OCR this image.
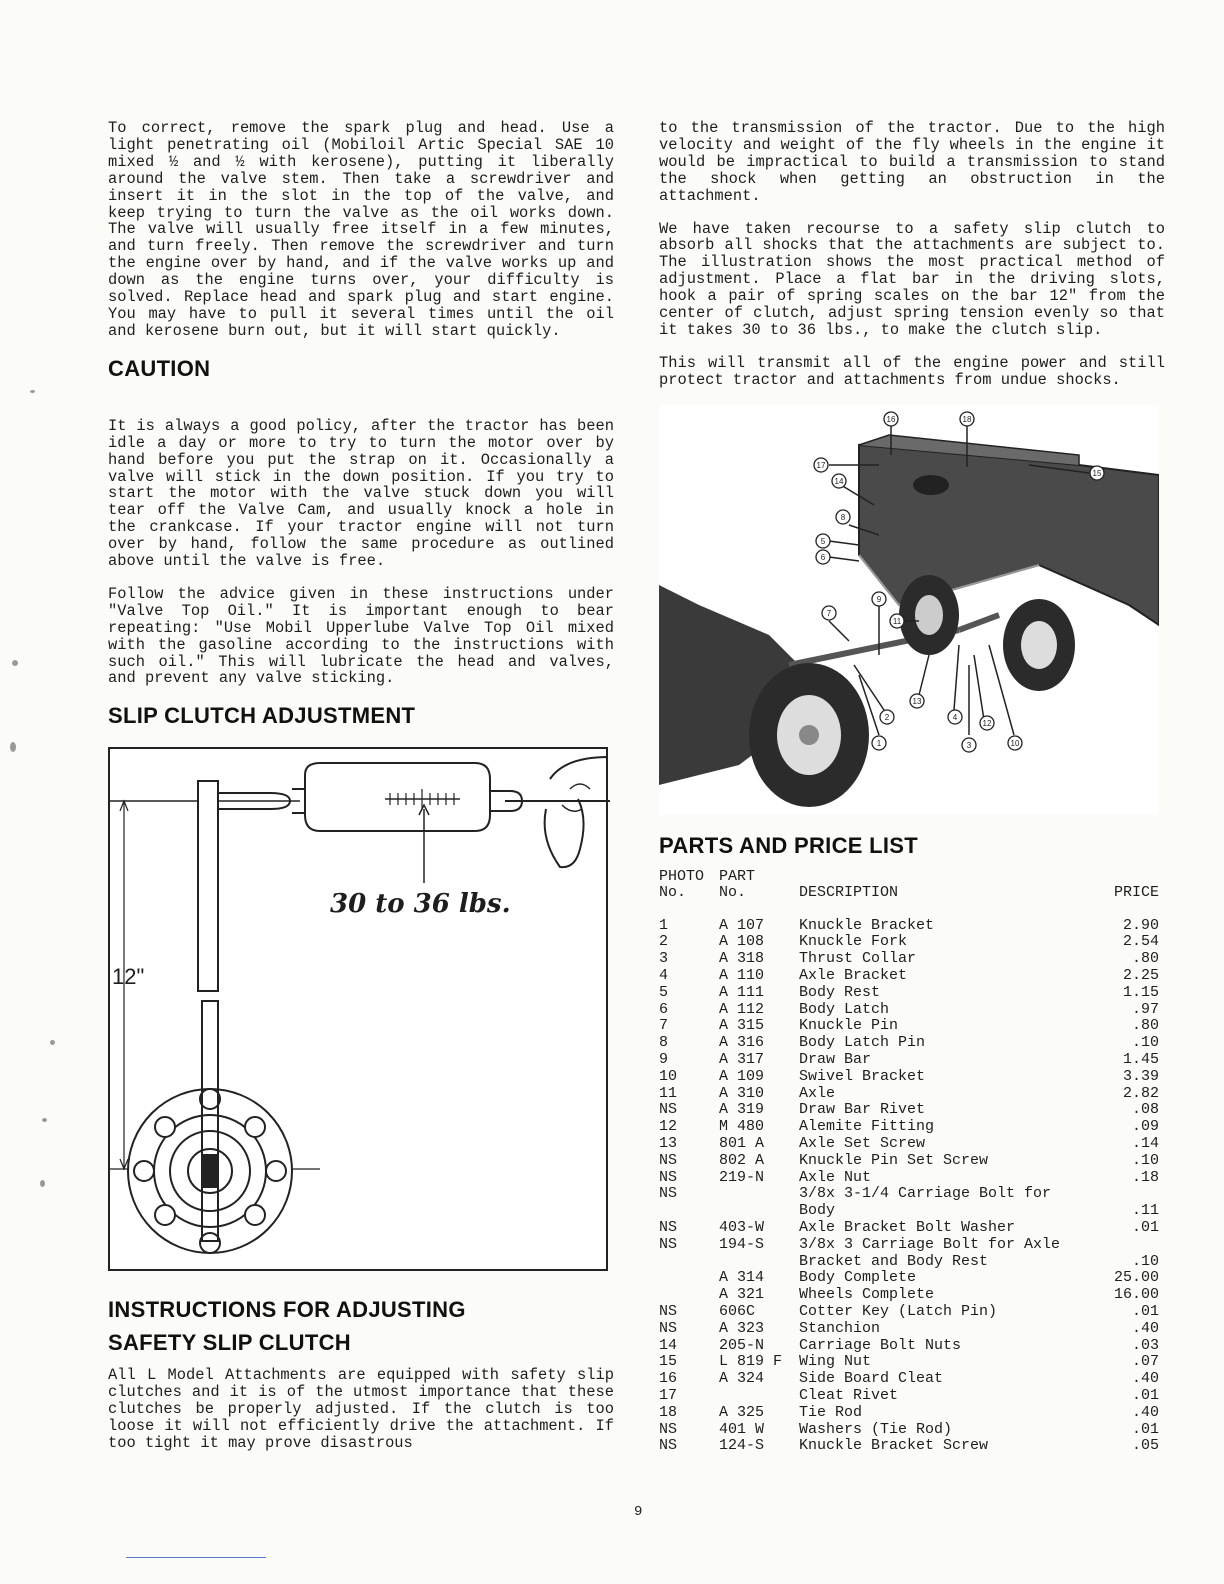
To correct, remove the spark plug and head. Use a light penetrating oil (Mobiloil Artic Special SAE 10 mixed ½ and ½ with kerosene), putting it liberally around the valve stem. Then take a screwdriver and insert it in the slot in the top of the valve, and keep trying to turn the valve as the oil works down. The valve will usually free itself in a few minutes, and turn freely. Then remove the screwdriver and turn the engine over by hand, and if the valve works up and down as the engine turns over, your difficulty is solved. Replace head and spark plug and start engine. You may have to pull it several times until the oil and kerosene burn out, but it will start quickly.

CAUTION

It is always a good policy, after the tractor has been idle a day or more to try to turn the motor over by hand before you put the strap on it. Occasionally a valve will stick in the down position. If you try to start the motor with the valve stuck down you will tear off the Valve Cam, and usually knock a hole in the crankcase. If your tractor engine will not turn over by hand, follow the same procedure as outlined above until the valve is free.

Follow the advice given in these instructions under "Valve Top Oil." It is important enough to bear repeating: "Use Mobil Upperlube Valve Top Oil mixed with the gasoline according to the instructions with such oil." This will lubricate the head and valves, and prevent any valve sticking.

SLIP CLUTCH ADJUSTMENT
30 to 36 lbs.
12"
INSTRUCTIONS FOR ADJUSTING
SAFETY SLIP CLUTCH

All L Model Attachments are equipped with safety slip clutches and it is of the utmost importance that these clutches be properly adjusted. If the clutch is too loose it will not efficiently drive the attachment. If too tight it may prove disastrous

to the transmission of the tractor. Due to the high velocity and weight of the fly wheels in the engine it would be impractical to build a transmission to stand the shock when getting an obstruction in the attachment.

We have taken recourse to a safety slip clutch to absorb all shocks that the attachments are subject to. The illustration shows the most practical method of adjustment. Place a flat bar in the driving slots, hook a pair of spring scales on the bar 12" from the center of clutch, adjust spring tension evenly so that it takes 30 to 36 lbs., to make the clutch slip.

This will transmit all of the engine power and still protect tractor and attachments from undue shocks.

16	18
17
15
14
8
5
6
7
9
11
2
13
4
12
1	3	10
PARTS AND PRICE LIST
PHOTO
No.	PART
No.	DESCRIPTION	PRICE

1	A 107	Knuckle Bracket	2.90
2	A 108	Knuckle Fork	2.54
3	A 318	Thrust Collar	.80
4	A 110	Axle Bracket	2.25
5	A 111	Body Rest	1.15
6	A 112	Body Latch	.97
7	A 315	Knuckle Pin	.80
8	A 316	Body Latch Pin	.10
9	A 317	Draw Bar	1.45
10	A 109	Swivel Bracket	3.39
11	A 310	Axle	2.82
NS	A 319	Draw Bar Rivet	.08
12	M 480	Alemite Fitting	.09
13	801 A	Axle Set Screw	.14
NS	802 A	Knuckle Pin Set Screw	.10
NS	219-N	Axle Nut	.18
NS		3/8x 3-1/4 Carriage Bolt for	
		Body	.11
NS	403-W	Axle Bracket Bolt Washer	.01
NS	194-S	3/8x 3 Carriage Bolt for Axle	
		Bracket and Body Rest	.10
	A 314	Body Complete	25.00
	A 321	Wheels Complete	16.00
NS	606C	Cotter Key (Latch Pin)	.01
NS	A 323	Stanchion	.40
14	205-N	Carriage Bolt Nuts	.03
15	L 819 F	Wing Nut	.07
16	A 324	Side Board Cleat	.40
17		Cleat Rivet	.01
18	A 325	Tie Rod	.40
NS	401 W	Washers (Tie Rod)	.01
NS	124-S	Knuckle Bracket Screw	.05
9
